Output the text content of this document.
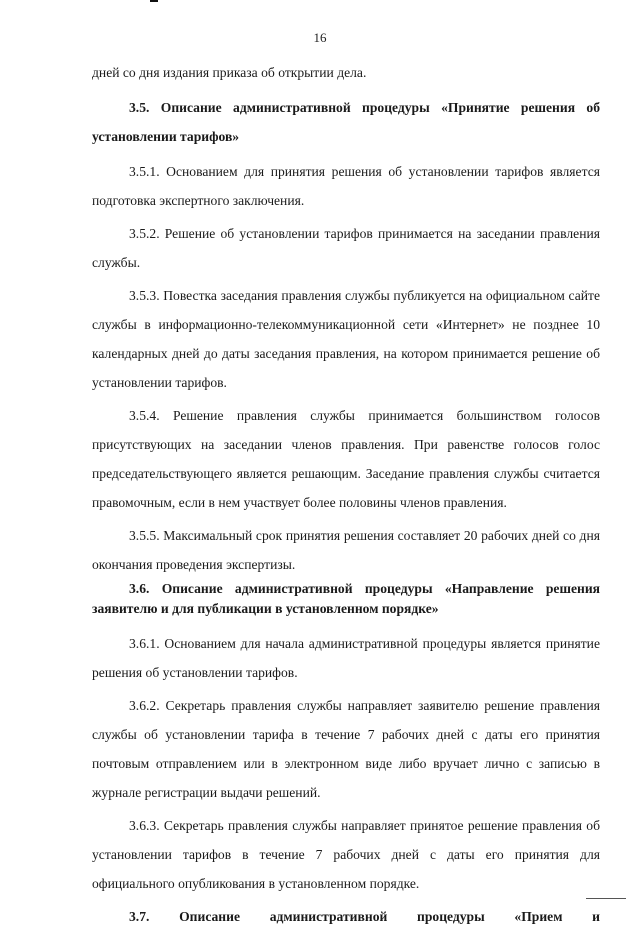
16

дней со дня издания приказа об открытии дела.

3.5. Описание административной процедуры «Принятие решения об установлении тарифов»

3.5.1. Основанием для принятия решения об установлении тарифов является подготовка экспертного заключения.

3.5.2. Решение об установлении тарифов принимается на заседании правления службы.

3.5.3. Повестка заседания правления службы публикуется на официальном сайте службы в информационно-телекоммуникационной сети «Интернет» не позднее 10 календарных дней до даты заседания правления, на котором принимается решение об установлении тарифов.

3.5.4. Решение правления службы принимается большинством голосов присутствующих на заседании членов правления. При равенстве голосов голос председательствующего является решающим. Заседание правления службы считается правомочным, если в нем участвует более половины членов правления.

3.5.5. Максимальный срок принятия решения составляет 20 рабочих дней со дня окончания проведения экспертизы.

3.6. Описание административной процедуры «Направление решения заявителю и для публикации в установленном порядке»

3.6.1. Основанием для начала административной процедуры является принятие решения об установлении тарифов.

3.6.2. Секретарь правления службы направляет заявителю решение правления службы об установлении тарифа в течение 7 рабочих дней с даты его принятия почтовым отправлением или в электронном виде либо вручает лично с записью в журнале регистрации выдачи решений.

3.6.3. Секретарь правления службы направляет принятое решение правления об установлении тарифов в течение 7 рабочих дней с даты его принятия для официального опубликования в установленном порядке.

3.7. Описание административной процедуры «Прием и
